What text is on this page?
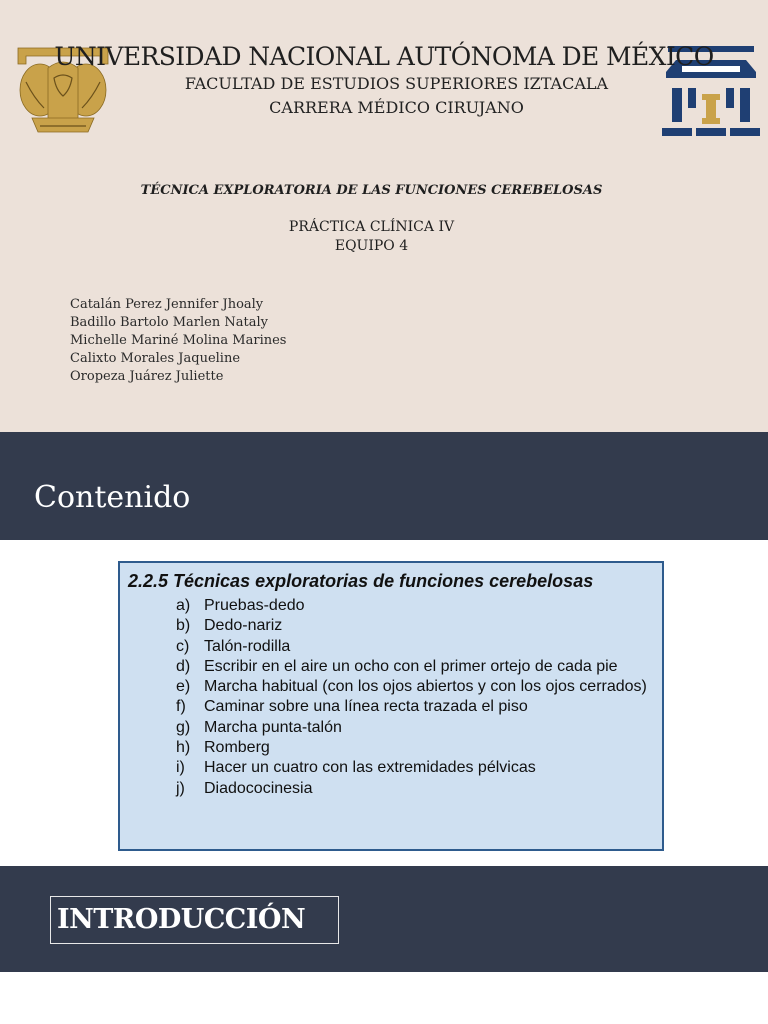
UNIVERSIDAD NACIONAL AUTÓNOMA DE MÉXICO
FACULTAD DE ESTUDIOS SUPERIORES IZTACALA
CARRERA MÉDICO CIRUJANO
TÉCNICA EXPLORATORIA DE LAS FUNCIONES CEREBELOSAS
PRÁCTICA CLÍNICA IV
EQUIPO 4
Catalán Perez Jennifer Jhoaly
Badillo Bartolo Marlen Nataly
Michelle Mariné Molina Marines
Calixto Morales Jaqueline
Oropeza Juárez Juliette
Contenido
2.2.5 Técnicas exploratorias de funciones cerebelosas
a) Pruebas-dedo
b) Dedo-nariz
c) Talón-rodilla
d) Escribir en el aire un ocho con el primer ortejo de cada pie
e) Marcha habitual (con los ojos abiertos y con los ojos cerrados)
f)	Caminar sobre una línea recta trazada el piso
g) Marcha punta-talón
h) Romberg
i)	Hacer un cuatro con las extremidades pélvicas
j)	Diadococinesia
INTRODUCCIÓN
